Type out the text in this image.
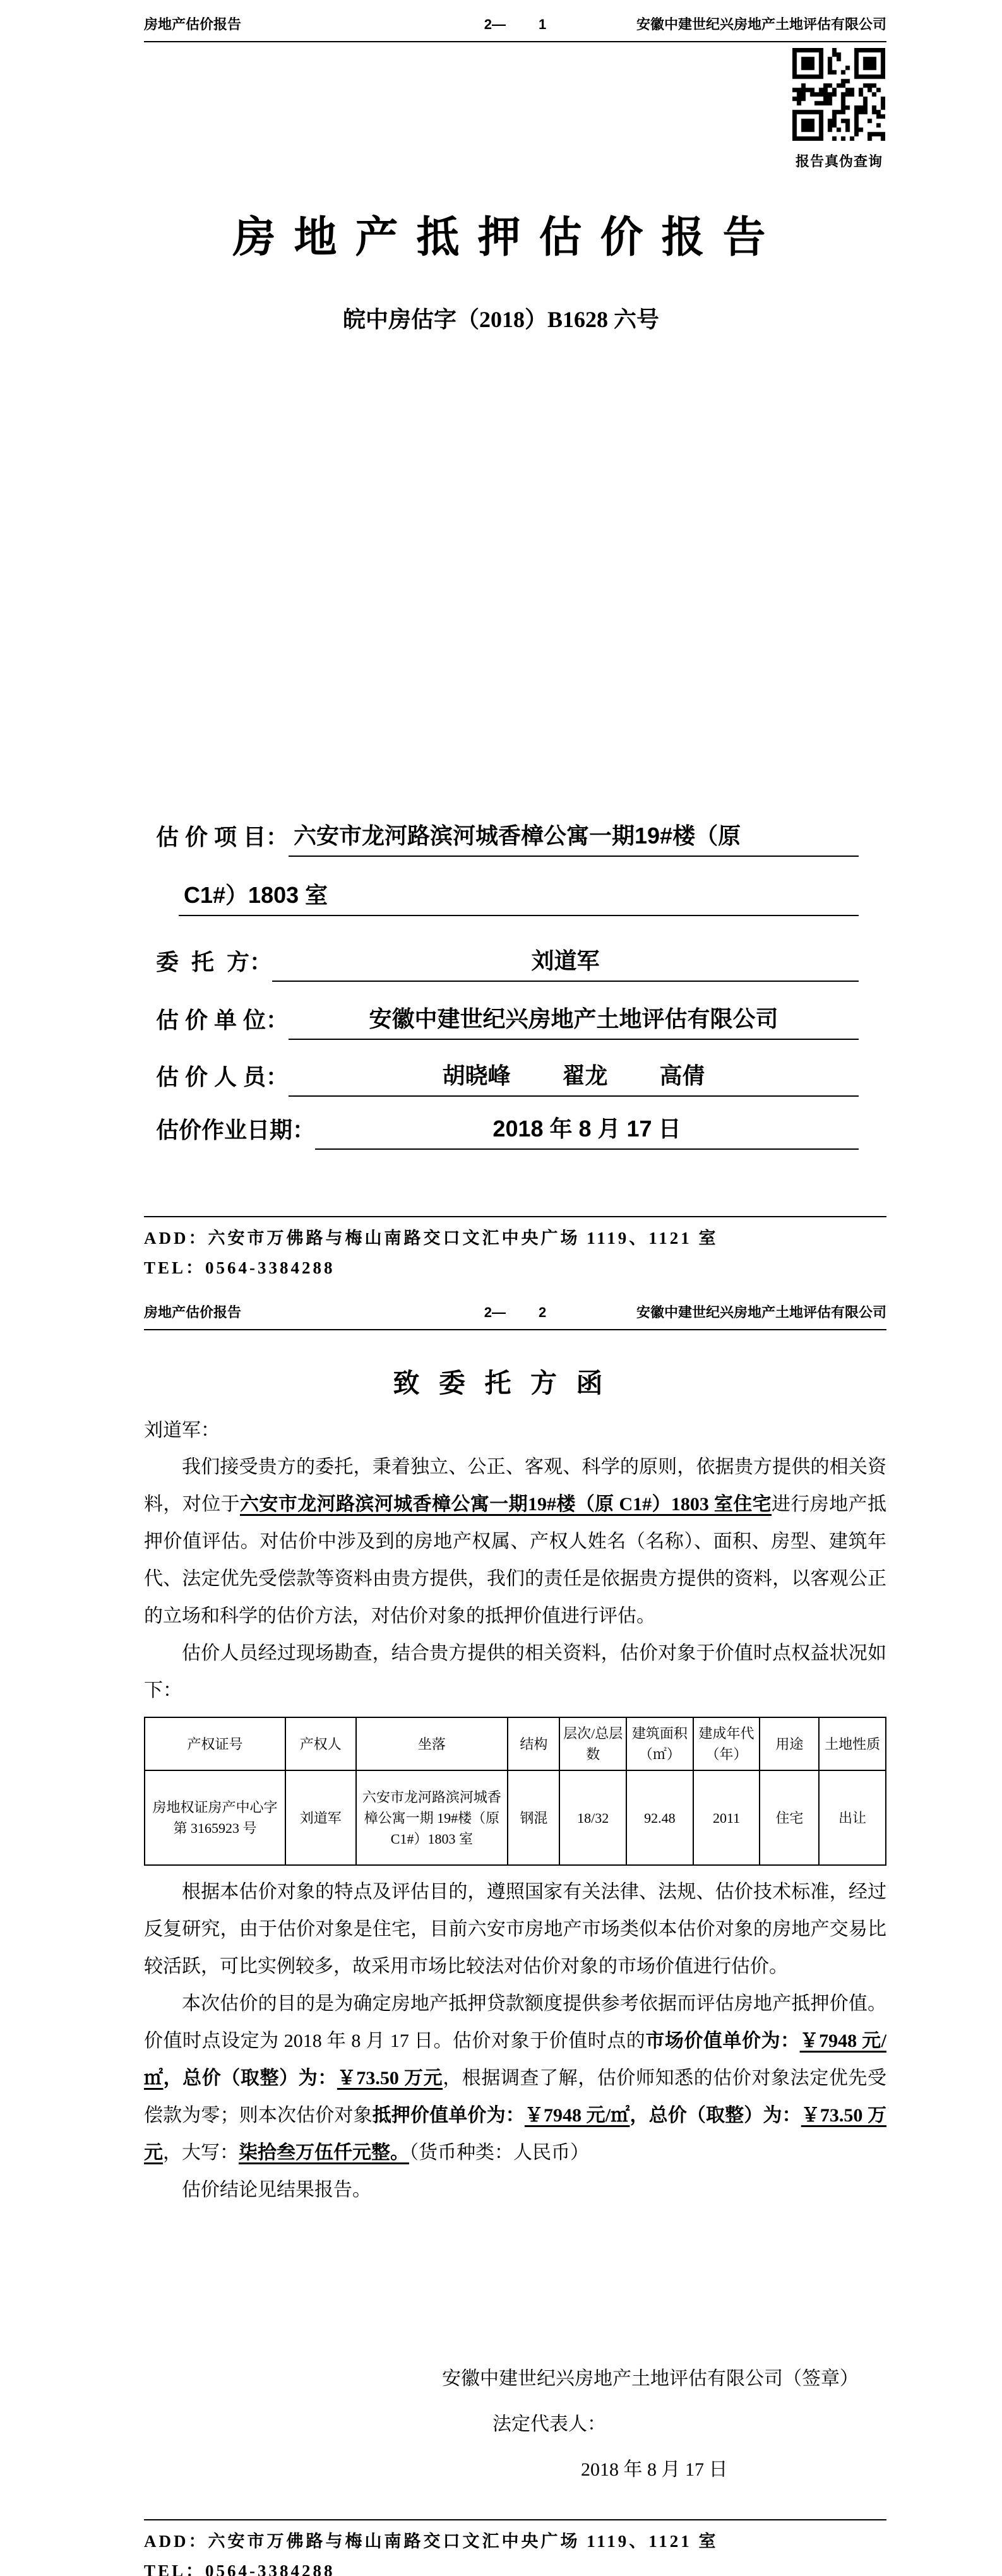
房地产估价报告	2— 1	安徽中建世纪兴房地产土地评估有限公司
报告真伪查询
房 地 产 抵 押 估 价 报 告
皖中房估字（2018）B1628 六号
估 价 项 目： 六安市龙河路滨河城香樟公寓一期19#楼（原
C1#）1803 室
委  托  方：	刘道军
估 价 单 位：	安徽中建世纪兴房地产土地评估有限公司
估 价 人 员：	胡晓峰 翟龙 高倩
估价作业日期：	2018 年 8 月 17 日
ADD：六安市万佛路与梅山南路交口文汇中央广场 1119、1121 室
TEL：0564-3384288
房地产估价报告	2— 2	安徽中建世纪兴房地产土地评估有限公司
致 委 托 方 函
刘道军：

我们接受贵方的委托，秉着独立、公正、客观、科学的原则，依据贵方提供的相关资料，对位于六安市龙河路滨河城香樟公寓一期19#楼（原 C1#）1803 室住宅进行房地产抵押价值评估。对估价中涉及到的房地产权属、产权人姓名（名称）、面积、房型、建筑年代、法定优先受偿款等资料由贵方提供，我们的责任是依据贵方提供的资料，以客观公正的立场和科学的估价方法，对估价对象的抵押价值进行评估。

估价人员经过现场勘查，结合贵方提供的相关资料，估价对象于价值时点权益状况如下：

产权证号	产权人	坐落	结构	层次/总层数	建筑面积（㎡）	建成年代（年）	用途	土地性质
房地权证房产中心字第 3165923 号	刘道军	六安市龙河路滨河城香樟公寓一期 19#楼（原 C1#）1803 室	钢混	18/32	92.48	2011	住宅	出让

根据本估价对象的特点及评估目的，遵照国家有关法律、法规、估价技术标准，经过反复研究，由于估价对象是住宅，目前六安市房地产市场类似本估价对象的房地产交易比较活跃，可比实例较多，故采用市场比较法对估价对象的市场价值进行估价。

本次估价的目的是为确定房地产抵押贷款额度提供参考依据而评估房地产抵押价值。价值时点设定为 2018 年 8 月 17 日。估价对象于价值时点的市场价值单价为：￥7948 元/㎡，总价（取整）为：￥73.50 万元，根据调查了解，估价师知悉的估价对象法定优先受偿款为零；则本次估价对象抵押价值单价为：￥7948 元/㎡，总价（取整）为：￥73.50 万元，大写：柒拾叁万伍仟元整。（货币种类：人民币）

估价结论见结果报告。

安徽中建世纪兴房地产土地评估有限公司（签章）
法定代表人：
2018 年 8 月 17 日
ADD：六安市万佛路与梅山南路交口文汇中央广场 1119、1121 室
TEL：0564-3384288
